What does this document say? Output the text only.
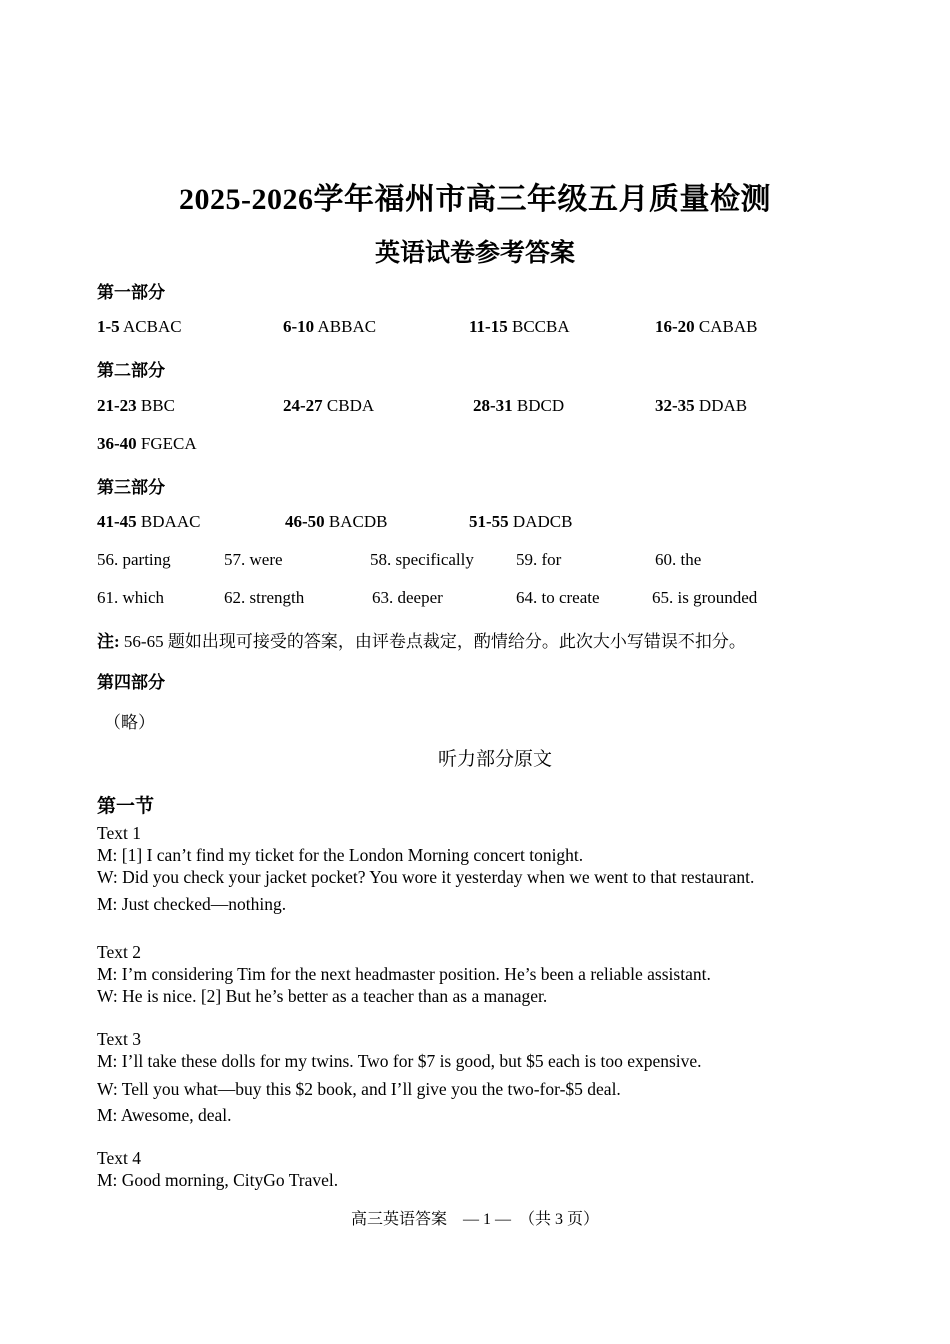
2025-2026学年福州市高三年级五月质量检测
英语试卷参考答案
第一部分
1-5 ACBAC	6-10 ABBAC	11-15 BCCBA	16-20 CABAB
第二部分
21-23 BBC	24-27 CBDA	28-31 BDCD	32-35 DDAB
36-40 FGECA
第三部分
41-45 BDAAC	46-50 BACDB	51-55 DADCB
56. parting	57. were	58. specifically 59. for	60. the
61. which	62. strength	63. deeper	64. to create	65. is grounded
注: 56-65 题如出现可接受的答案，由评卷点裁定，酌情给分。此次大小写错误不扣分。
第四部分
（略）
听力部分原文
第一节
Text 1
M: [1] I can’t find my ticket for the London Morning concert tonight.
W: Did you check your jacket pocket? You wore it yesterday when we went to that restaurant.
M: Just checked—nothing.
Text 2
M: I’m considering Tim for the next headmaster position. He’s been a reliable assistant.
W: He is nice. [2] But he’s better as a teacher than as a manager.
Text 3
M: I’ll take these dolls for my twins. Two for $7 is good, but $5 each is too expensive.
W: Tell you what—buy this $2 book, and I’ll give you the two-for-$5 deal.
M: Awesome, deal.
Text 4
M: Good morning, CityGo Travel.
高三英语答案　— 1 —　（共 3 页）
